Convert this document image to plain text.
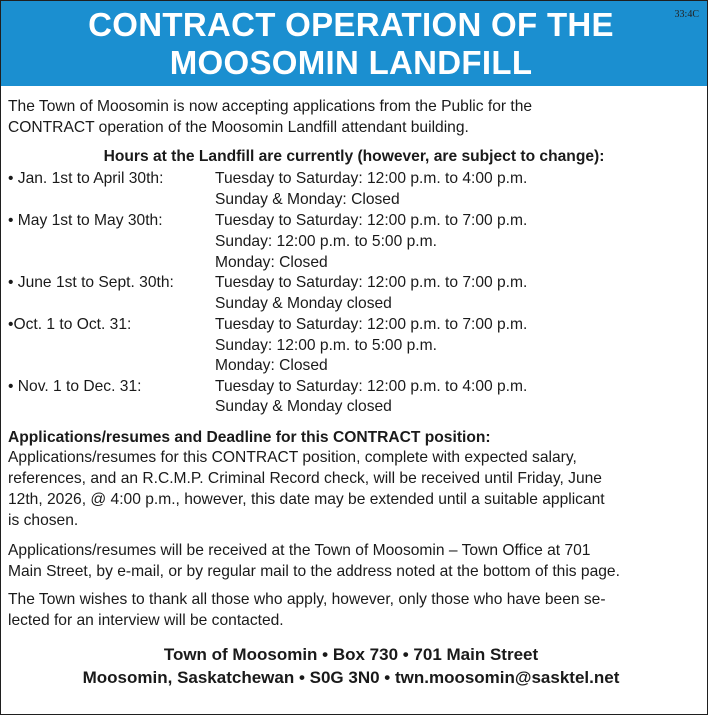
CONTRACT OPERATION OF THE
MOOSOMIN LANDFILL
33:4C
The Town of Moosomin is now accepting applications from the Public for the
CONTRACT operation of the Moosomin Landfill attendant building.
Hours at the Landfill are currently (however, are subject to change):
• Jan. 1st to April 30th:	Tuesday to Saturday: 12:00 p.m. to 4:00 p.m.
Sunday & Monday: Closed
• May 1st to May 30th:	Tuesday to Saturday: 12:00 p.m. to 7:00 p.m.
Sunday: 12:00 p.m. to 5:00 p.m.
Monday: Closed
• June 1st to Sept. 30th:	Tuesday to Saturday: 12:00 p.m. to 7:00 p.m.
Sunday & Monday closed
•Oct. 1 to Oct. 31:	Tuesday to Saturday: 12:00 p.m. to 7:00 p.m.
Sunday: 12:00 p.m. to 5:00 p.m.
Monday: Closed
• Nov. 1 to Dec. 31:	Tuesday to Saturday: 12:00 p.m. to 4:00 p.m.
Sunday & Monday closed
Applications/resumes and Deadline for this CONTRACT position:
Applications/resumes for this CONTRACT position, complete with expected salary,
references, and an R.C.M.P. Criminal Record check, will be received until Friday, June
12th, 2026, @ 4:00 p.m., however, this date may be extended until a suitable applicant
is chosen.
Applications/resumes will be received at the Town of Moosomin – Town Office at 701
Main Street, by e-mail, or by regular mail to the address noted at the bottom of this page.
The Town wishes to thank all those who apply, however, only those who have been se-
lected for an interview will be contacted.
Town of Moosomin • Box 730 • 701 Main Street
Moosomin, Saskatchewan • S0G 3N0 • twn.moosomin@sasktel.net
